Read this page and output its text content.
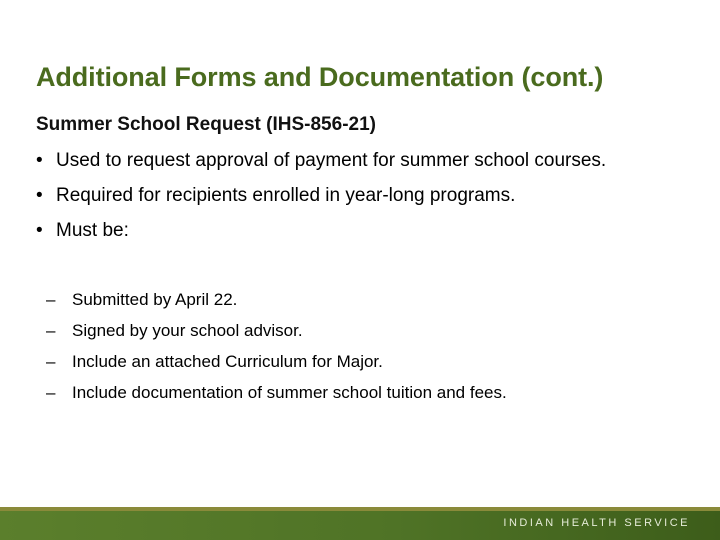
Additional Forms and Documentation (cont.)
Summer School Request (IHS-856-21)
• Used to request approval of payment for summer school courses.
• Required for recipients enrolled in year-long programs.
• Must be:
– Submitted by April 22.
– Signed by your school advisor.
– Include an attached Curriculum for Major.
– Include documentation of summer school tuition and fees.
INDIAN HEALTH SERVICE
